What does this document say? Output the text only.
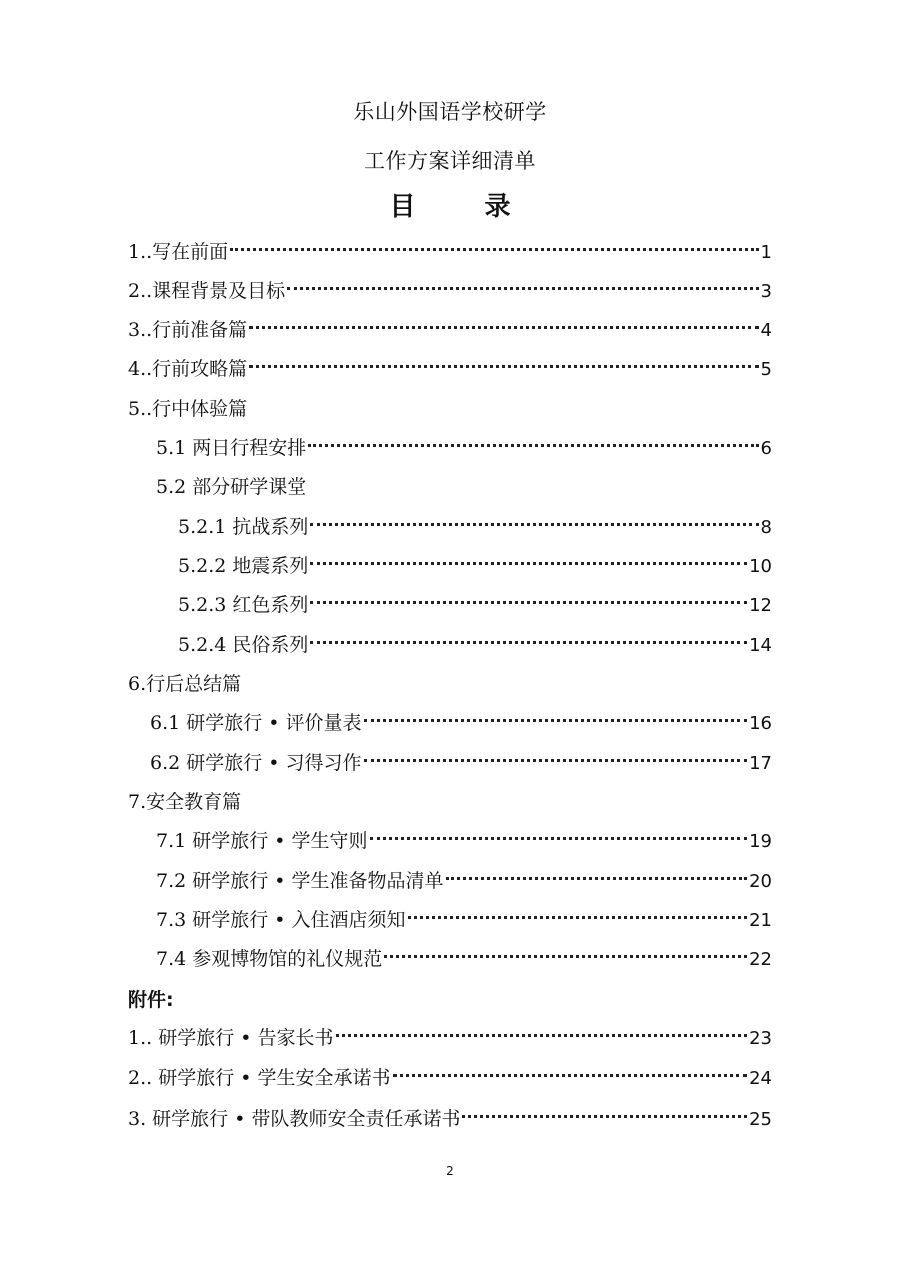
乐山外国语学校研学
工作方案详细清单
目 录
1..写在前面	1
2..课程背景及目标	3
3..行前准备篇	4
4..行前攻略篇	5
5..行中体验篇
5.1 两日行程安排	6
5.2 部分研学课堂
5.2.1 抗战系列	8
5.2.2 地震系列	10
5.2.3 红色系列	12
5.2.4 民俗系列	14
6.行后总结篇
6.1 研学旅行 • 评价量表	16
6.2 研学旅行 • 习得习作	17
7.安全教育篇
7.1 研学旅行 • 学生守则	19
7.2 研学旅行 • 学生准备物品清单	20
7.3 研学旅行 • 入住酒店须知	21
7.4 参观博物馆的礼仪规范	22
附件:
1.. 研学旅行 • 告家长书	23
2.. 研学旅行 • 学生安全承诺书	24
3. 研学旅行 • 带队教师安全责任承诺书	25
2
